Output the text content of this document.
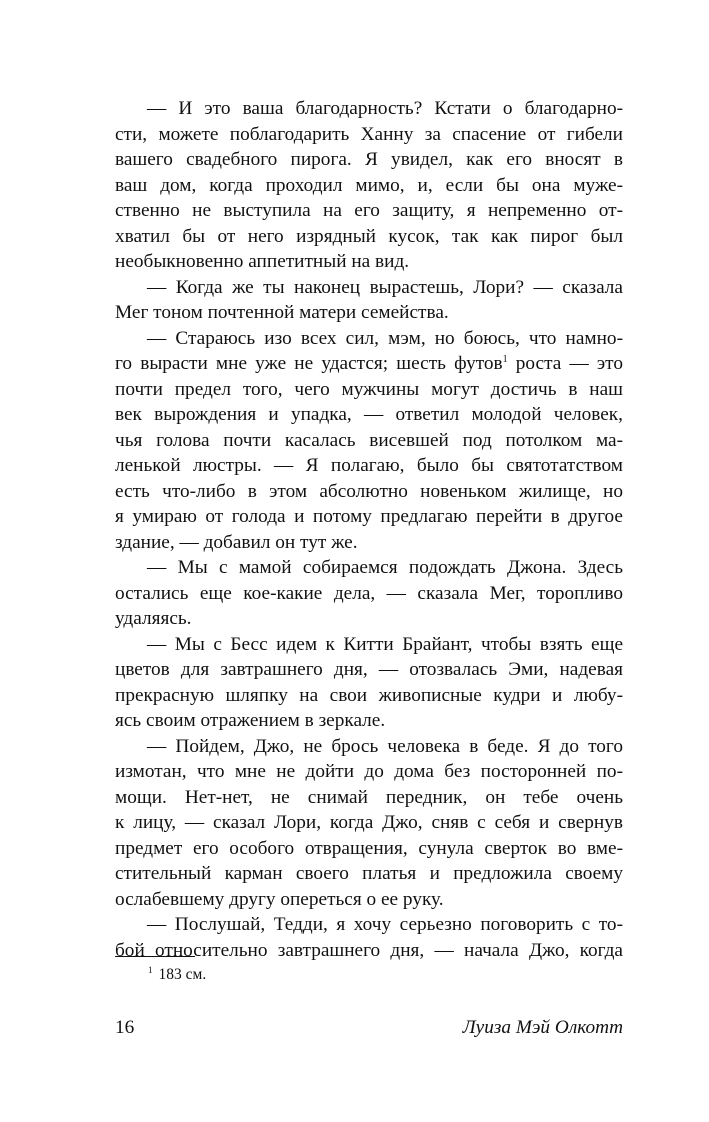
— И это ваша благодарность? Кстати о благодарно-
сти, можете поблагодарить Ханну за спасение от гибели
вашего свадебного пирога. Я увидел, как его вносят в
ваш дом, когда проходил мимо, и, если бы она муже-
ственно не выступила на его защиту, я непременно от-
хватил бы от него изрядный кусок, так как пирог был
необыкновенно аппетитный на вид.
— Когда же ты наконец вырастешь, Лори? — сказала
Мег тоном почтенной матери семейства.
— Стараюсь изо всех сил, мэм, но боюсь, что намно-
го вырасти мне уже не удастся; шесть футов$^1$ роста — это
почти предел того, чего мужчины могут достичь в наш
век вырождения и упадка, — ответил молодой человек,
чья голова почти касалась висевшей под потолком ма-
ленькой люстры. — Я полагаю, было бы святотатством
есть что-либо в этом абсолютно новеньком жилище, но
я умираю от голода и потому предлагаю перейти в другое
здание, — добавил он тут же.
— Мы с мамой собираемся подождать Джона. Здесь
остались еще кое-какие дела, — сказала Мег, торопливо
удаляясь.
— Мы с Бесс идем к Китти Брайант, чтобы взять еще
цветов для завтрашнего дня, — отозвалась Эми, надевая
прекрасную шляпку на свои живописные кудри и любу-
ясь своим отражением в зеркале.
— Пойдем, Джо, не брось человека в беде. Я до того
измотан, что мне не дойти до дома без посторонней по-
мощи. Нет-нет, не снимай передник, он тебе очень
к лицу, — сказал Лори, когда Джо, сняв с себя и свернув
предмет его особого отвращения, сунула сверток во вме-
стительный карман своего платья и предложила своему
ослабевшему другу опереться о ее руку.
— Послушай, Тедди, я хочу серьезно поговорить с то-
бой относительно завтрашнего дня, — начала Джо, когда
$^1$ 183 см.
16	Луиза Мэй Олкотт
